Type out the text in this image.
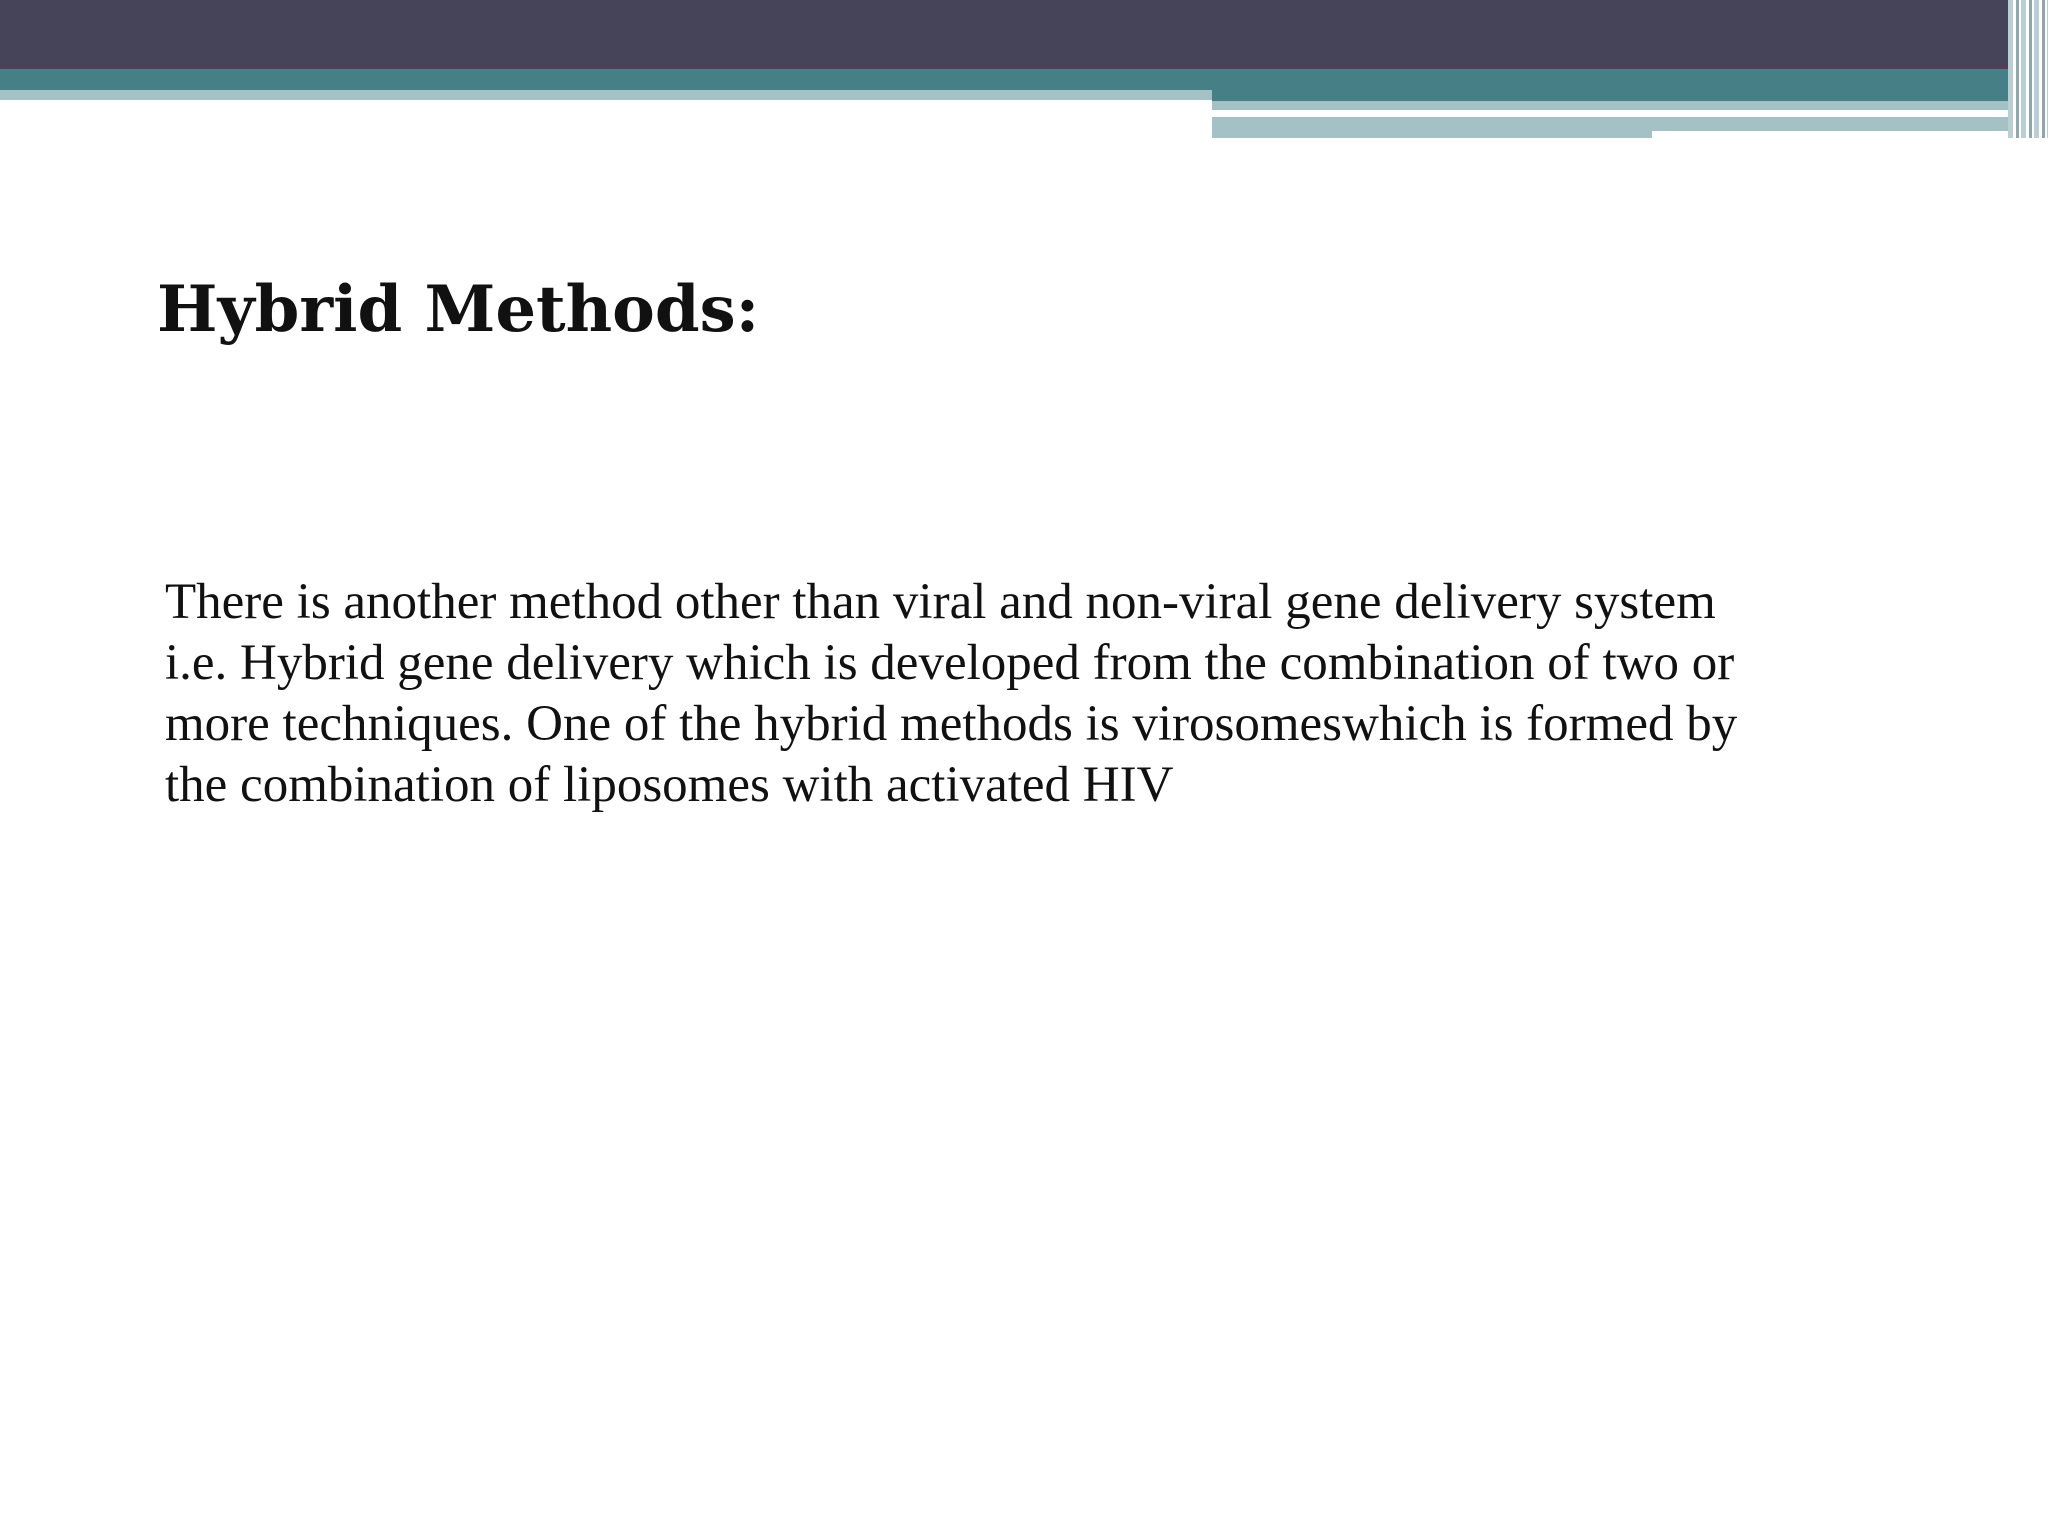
Hybrid Methods:

There is another method other than viral and non-viral gene delivery system i.e. Hybrid gene delivery which is developed from the combination of two or more techniques. One of the hybrid methods is virosomeswhich is formed by the combination of liposomes with activated HIV
